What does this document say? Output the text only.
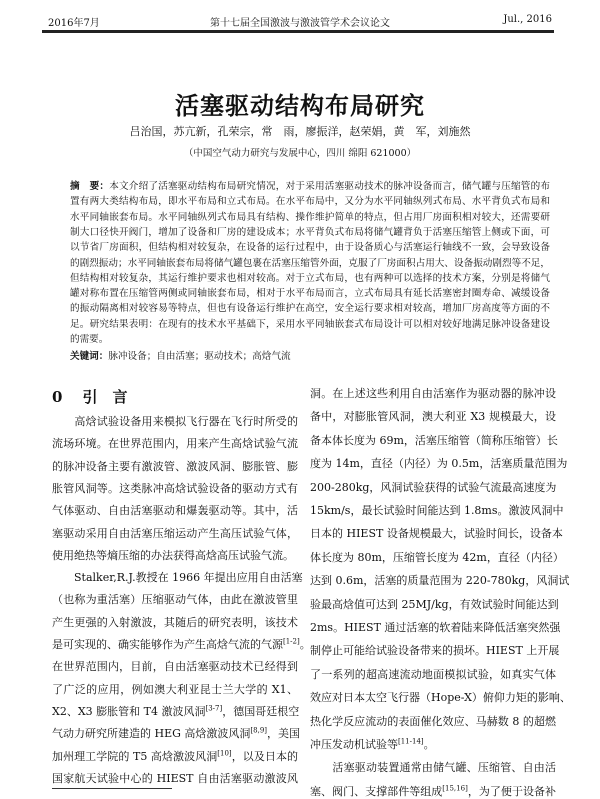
2016年7月	第十七届全国激波与激波管学术会议论文	Jul., 2016
活塞驱动结构布局研究
吕治国，苏亢新，孔荣宗，常　雨，廖振洋，赵荣娟，黄　军，刘施然
（中国空气动力研究与发展中心，四川 绵阳 621000）
摘　要：本文介绍了活塞驱动结构布局研究情况，对于采用活塞驱动技术的脉冲设备而言，储气罐与压缩管的布
置有两大类结构布局，即水平布局和立式布局。在水平布局中，又分为水平同轴纵列式布局、水平背负式布局和
水平同轴嵌套布局。水平同轴纵列式布局具有结构、操作维护简单的特点，但占用厂房面积相对较大，还需要研
制大口径快开阀门，增加了设备和厂房的建设成本；水平背负式布局将储气罐背负于活塞压缩管上侧或下面，可
以节省厂房面积，但结构相对较复杂，在设备的运行过程中，由于设备质心与活塞运行轴线不一致，会导致设备
的剧烈振动；水平同轴嵌套布局将储气罐包裹在活塞压缩管外面，克服了厂房面积占用大、设备振动剧烈等不足，
但结构相对较复杂，其运行维护要求也相对较高。对于立式布局，也有两种可以选择的技术方案，分别是将储气
罐对称布置在压缩管两侧或同轴嵌套布局，相对于水平布局而言，立式布局具有延长活塞密封圈寿命、减缓设备
的振动隔离相对较容易等特点，但也有设备运行维护在高空，安全运行要求相对较高，增加厂房高度等方面的不
足。研究结果表明：在现有的技术水平基础下，采用水平同轴嵌套式布局设计可以相对较好地满足脉冲设备建设
的需要。
关键词：脉冲设备；自由活塞；驱动技术；高焓气流
0 引　言
　　高焓试验设备用来模拟飞行器在飞行时所受的
流场环境。在世界范围内，用来产生高焓试验气流
的脉冲设备主要有激波管、激波风洞、膨胀管、膨
胀管风洞等。这类脉冲高焓试验设备的驱动方式有
气体驱动、自由活塞驱动和爆轰驱动等。其中，活
塞驱动采用自由活塞压缩运动产生高压试验气体，
使用绝热等熵压缩的办法获得高焓高压试验气流。
　　Stalker,R.J.教授在 1966 年提出应用自由活塞
（也称为重活塞）压缩驱动气体，由此在激波管里
产生更强的入射激波，其随后的研究表明，该技术
是可实现的、确实能够作为产生高焓气流的气源[1-2]。
在世界范围内，目前，自由活塞驱动技术已经得到
了广泛的应用，例如澳大利亚昆士兰大学的 X1、
X2、X3 膨胀管和 T4 激波风洞[3-7]，德国哥廷根空
气动力研究所建造的 HEG 高焓激波风洞[8,9]，美国
加州理工学院的 T5 高焓激波风洞[10]，以及日本的
国家航天试验中心的 HIEST 自由活塞驱动激波风
洞。在上述这些利用自由活塞作为驱动器的脉冲设
备中，对膨胀管风洞，澳大利亚 X3 规模最大，设
备本体长度为 69m，活塞压缩管（简称压缩管）长
度为 14m，直径（内径）为 0.5m，活塞质量范围为
200-280kg，风洞试验获得的试验气流最高速度为
15km/s，最长试验时间能达到 1.8ms。激波风洞中
日本的 HIEST 设备规模最大，试验时间长，设备本
体长度为 80m，压缩管长度为 42m，直径（内径）
达到 0.6m，活塞的质量范围为 220-780kg，风洞试
验最高焓值可达到 25MJ/kg，有效试验时间能达到
2ms。HIEST 通过活塞的软着陆来降低活塞突然强
制停止可能给试验设备带来的损坏。HIEST 上开展
了一系列的超高速流动地面模拟试验，如真实气体
效应对日本太空飞行器（Hope-X）俯仰力矩的影响、
热化学反应流动的表面催化效应、马赫数 8 的超燃
冲压发动机试验等[11-14]。
　　活塞驱动装置通常由储气罐、压缩管、自由活
塞、阀门、支撑部件等组成[15,16]，为了便于设备补
